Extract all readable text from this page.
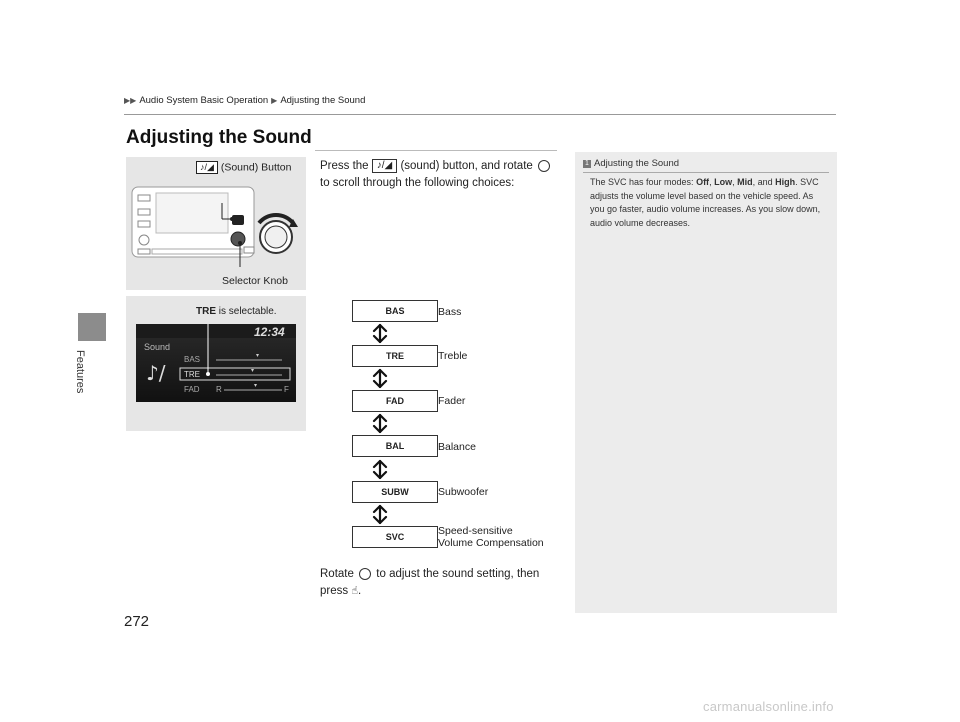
Features
▶▶ Audio System Basic Operation ▶ Adjusting the Sound
Adjusting the Sound
♪/◢ (Sound) Button
Selector Knob
TRE is selectable.
Sound
12:34
♪/
BAS
TRE
FAD R	F
Press the ♪/◢ (sound) button, and rotate  to scroll through the following choices:
BAS	Bass
TRE	Treble
FAD	Fader
BAL	Balance
SUBW	Subwoofer
SVC	Speed-sensitive
Volume Compensation
Rotate to adjust the sound setting, then
press ☝.
1 Adjusting the Sound
The SVC has four modes: Off, Low, Mid, and High. SVC adjusts the volume level based on the vehicle speed. As you go faster, audio volume increases. As you slow down, audio volume decreases.
272
carmanualsonline.info
